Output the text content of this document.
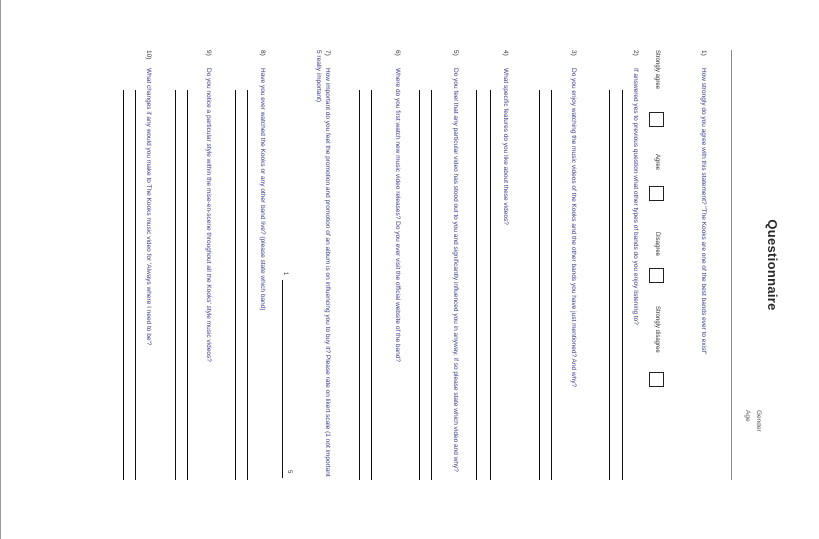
Questionnaire
Gender
Age
1)How strongly do you agree with this statement? "The Kooks are one of the best bands ever to exist"
Strongly agree
Agree
Disagree
Strongly disagree
2)If answered yes to previous question what other types of bands do you enjoy listening to?
3)Do you enjoy watching the music videos of the Kooks and the other bands you have just mentioned? And why?
4)What specific features do you like about these videos?
5)Do you feel that any particular video has stood out to you and significantly influenced you in anyway, if so please state which video and why?
6)Where do you first watch new music video releases? Do you ever visit the official website of the band?
7)How important do you feel the promotion and promotion of an album is on influencing you to buy it? Please rate on likert scale (1 not important 5 really important)
1
5
8)Have you ever watched the Kooks or any other band live? (please state which band)
9)Do you notice a particular style within the mise-en-scene throughout all the Kooks' style music videos?
10)What changes if any would you make to The Kooks music video for 'Always where I need to be'?
